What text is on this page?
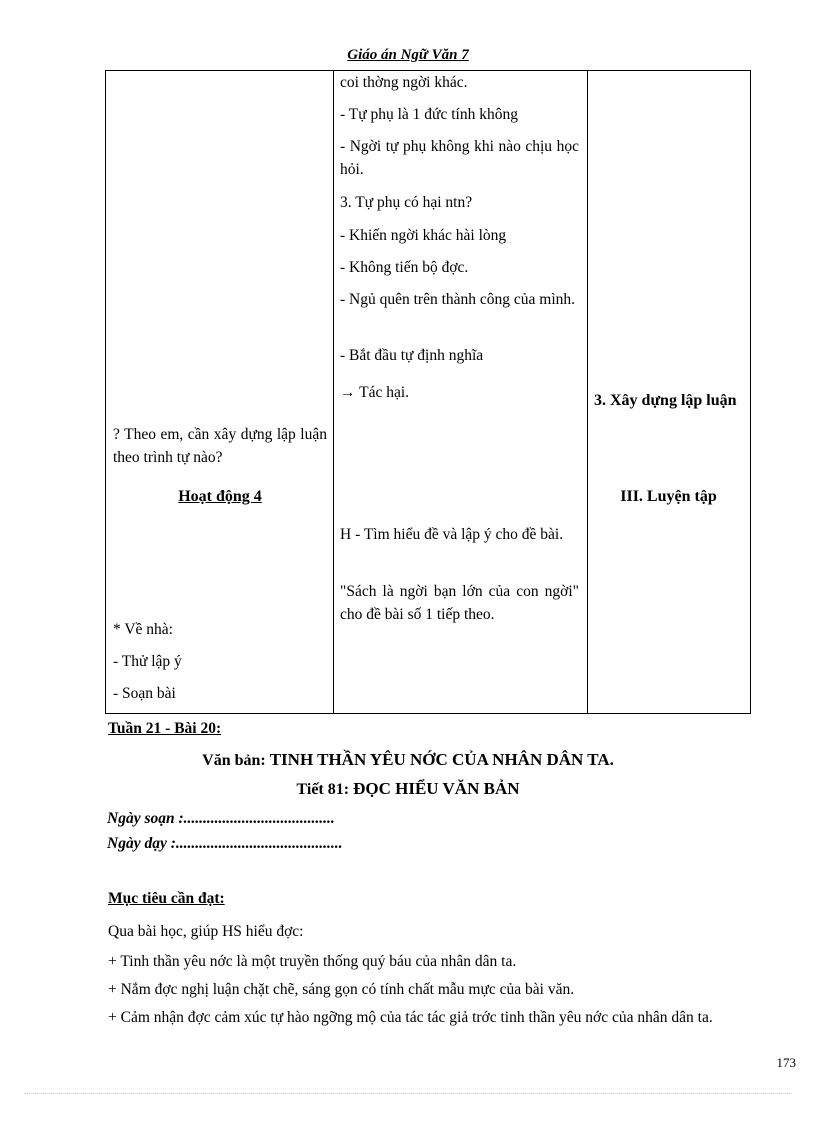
Giáo án Ngữ Văn 7
? Theo em, cần xây dựng lập luận theo trình tự nào?
Hoạt động 4
* Về nhà:
- Thử lập ý
- Soạn bài

coi thờng ngời khác.
- Tự phụ là 1 đức tính không
- Ngời tự phụ không khi nào chịu học hỏi.
3. Tự phụ có hại ntn?
- Khiến ngời khác hài lòng
- Không tiến bộ đợc.
- Ngủ quên trên thành công của mình.
- Bắt đầu tự định nghĩa
→ Tác hại.
H - Tìm hiểu đề và lập ý cho đề bài.
"Sách là ngời bạn lớn của con ngời" cho đề bài số 1 tiếp theo.

3. Xây dựng lập luận
III. Luyện tập
Tuần 21 - Bài 20:
Văn bản: TINH THẦN YÊU NỚC CỦA NHÂN DÂN TA.
Tiết 81: ĐỌC HIỂU VĂN BẢN
Ngày soạn :.......................................
Ngày dạy :...........................................
Mục tiêu cần đạt:
Qua bài học, giúp HS hiểu đợc:
+ Tinh thần yêu nớc là một truyền thống quý báu của nhân dân ta.
+ Nắm đợc nghị luận chặt chẽ, sáng gọn có tính chất mẫu mực của bài văn.
+ Cảm nhận đợc cảm xúc tự hào ngỡng mộ của tác tác giả trớc tinh thần yêu nớc của nhân dân ta.
173
